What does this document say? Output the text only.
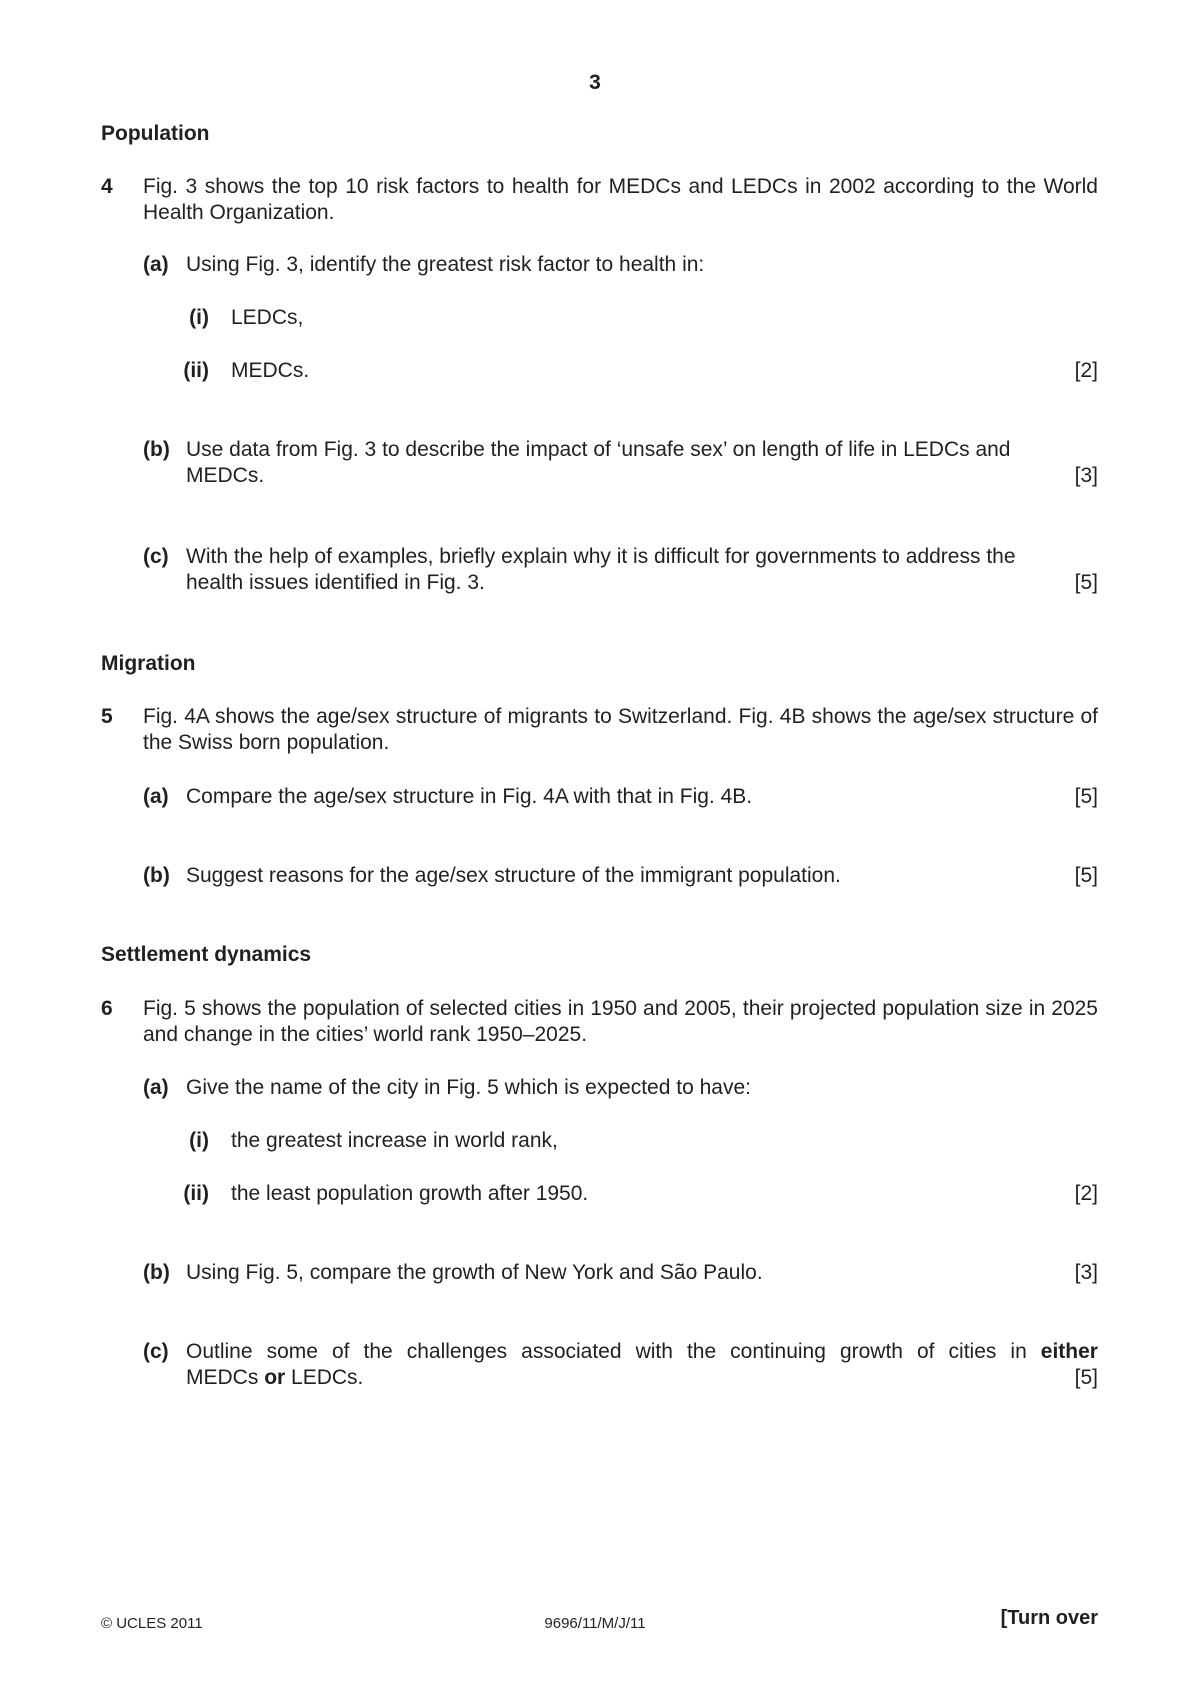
3
Population
4 Fig. 3 shows the top 10 risk factors to health for MEDCs and LEDCs in 2002 according to the World Health Organization.
(a) Using Fig. 3, identify the greatest risk factor to health in:
(i) LEDCs,
(ii) MEDCs.	[2]
(b) Use data from Fig. 3 to describe the impact of ‘unsafe sex’ on length of life in LEDCs and
MEDCs.	[3]
(c) With the help of examples, briefly explain why it is difficult for governments to address the
health issues identified in Fig. 3.	[5]
Migration
5 Fig. 4A shows the age/sex structure of migrants to Switzerland. Fig. 4B shows the age/sex structure of the Swiss born population.
(a) Compare the age/sex structure in Fig. 4A with that in Fig. 4B.	[5]
(b) Suggest reasons for the age/sex structure of the immigrant population.	[5]
Settlement dynamics
6 Fig. 5 shows the population of selected cities in 1950 and 2005, their projected population size in 2025 and change in the cities’ world rank 1950–2025.
(a) Give the name of the city in Fig. 5 which is expected to have:
(i) the greatest increase in world rank,
(ii) the least population growth after 1950.	[2]
(b) Using Fig. 5, compare the growth of New York and São Paulo.	[3]
(c) Outline some of the challenges associated with the continuing growth of cities in either
MEDCs or LEDCs.	[5]
© UCLES 2011	9696/11/M/J/11	[Turn over
